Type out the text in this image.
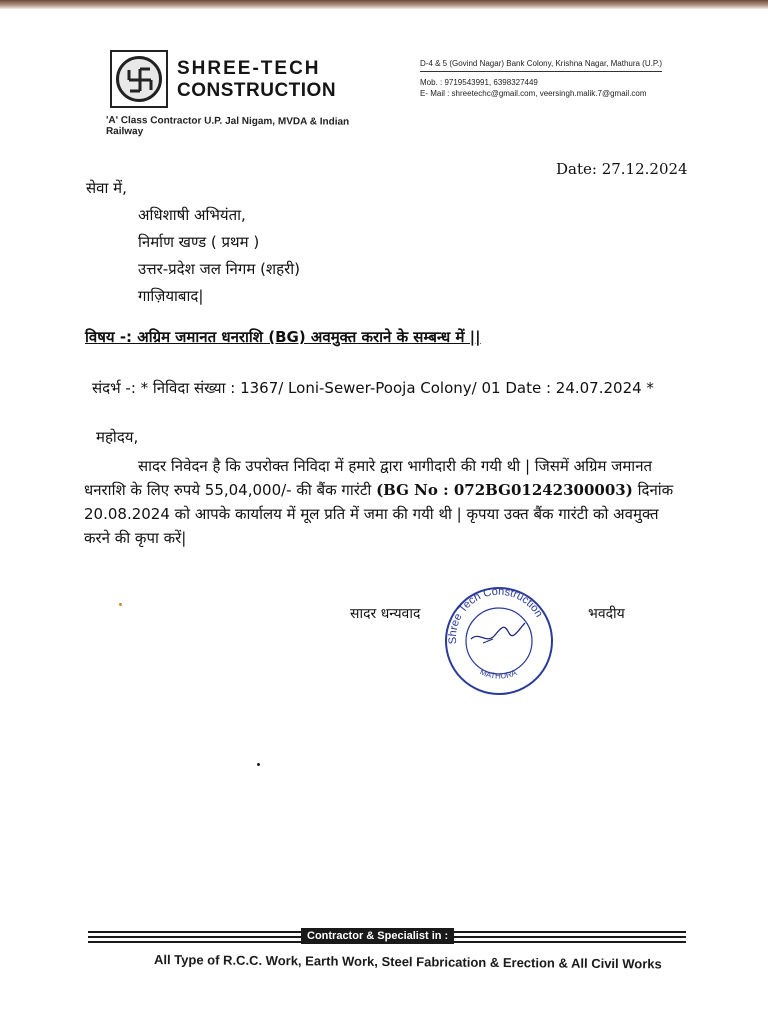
SHREE-TECH
CONSTRUCTION
'A' Class Contractor U.P. Jal Nigam, MVDA & Indian Railway
D-4 & 5 (Govind Nagar) Bank Colony, Krishna Nagar, Mathura (U.P.)
Mob. : 9719543991, 6398327449
E- Mail : shreetechc@gmail.com, veersingh.malik.7@gmail.com
Date: 27.12.2024
सेवा में,
अधिशाषी अभियंता,
निर्माण खण्ड ( प्रथम )
उत्तर-प्रदेश जल निगम (शहरी)
गाज़ियाबाद|
विषय -: अग्रिम जमानत धनराशि (BG) अवमुक्त कराने के सम्बन्ध में ||
संदर्भ -: * निविदा संख्या : 1367/ Loni-Sewer-Pooja Colony/ 01 Date : 24.07.2024 *
महोदय,
सादर निवेदन है कि उपरोक्त निविदा में हमारे द्वारा भागीदारी की गयी थी | जिसमें अग्रिम जमानत
धनराशि के लिए रुपये 55,04,000/- की बैंक गारंटी (BG No : 072BG01242300003) दिनांक
20.08.2024 को आपके कार्यालय में मूल प्रति में जमा की गयी थी | कृपया उक्त बैंक गारंटी को अवमुक्त
करने की कृपा करें|
सादर धन्यवाद	भवदीय
Shree Tech Construction
MATHURA
Contractor & Specialist in :
All Type of R.C.C. Work, Earth Work, Steel Fabrication & Erection & All Civil Works
